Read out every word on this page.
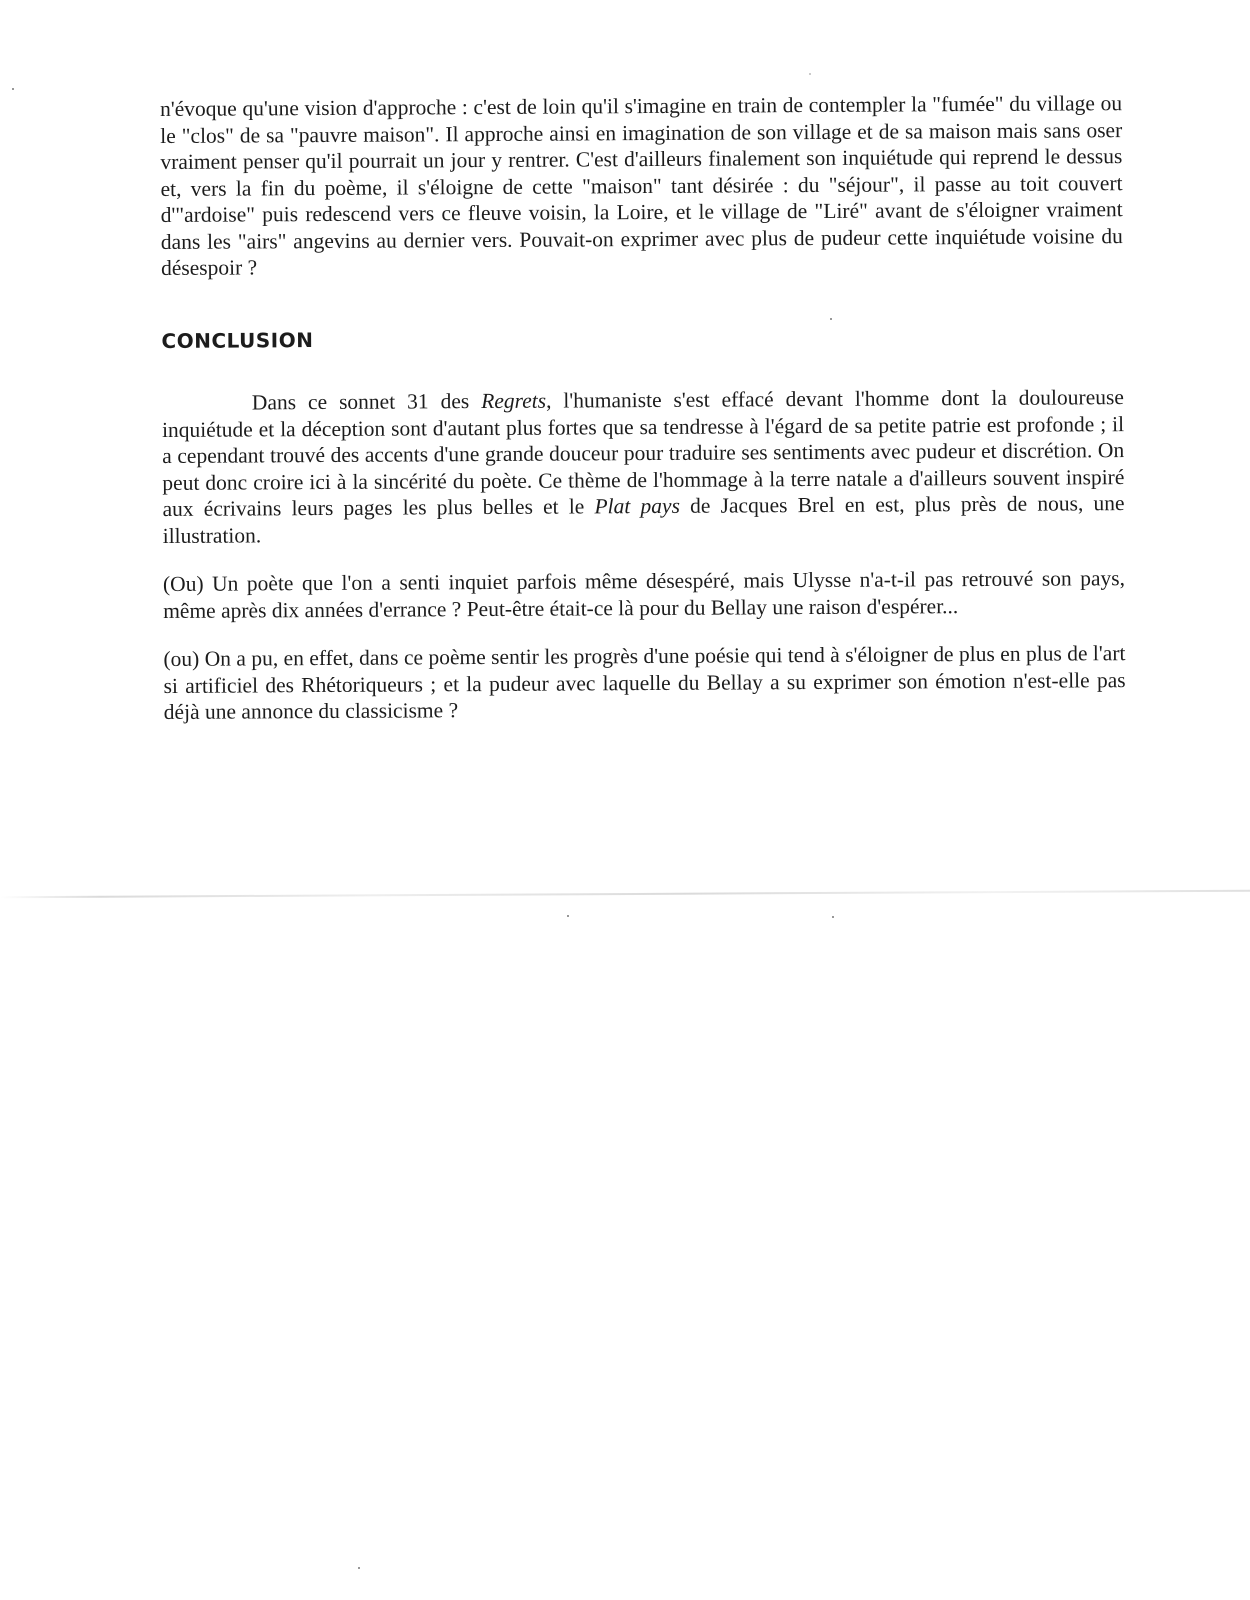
n'évoque qu'une vision d'approche : c'est de loin qu'il s'imagine en train de contempler la "fumée" du village ou le "clos" de sa "pauvre maison". Il approche ainsi en imagination de son village et de sa maison mais sans oser vraiment penser qu'il pourrait un jour y rentrer. C'est d'ailleurs finalement son inquiétude qui reprend le dessus et, vers la fin du poème, il s'éloigne de cette "maison" tant désirée : du "séjour", il passe au toit couvert d'"ardoise" puis redescend vers ce fleuve voisin, la Loire, et le village de "Liré" avant de s'éloigner vraiment dans les "airs" angevins au dernier vers. Pouvait-on exprimer avec plus de pudeur cette inquiétude voisine du désespoir ?

CONCLUSION

Dans ce sonnet 31 des Regrets, l'humaniste s'est effacé devant l'homme dont la douloureuse inquiétude et la déception sont d'autant plus fortes que sa tendresse à l'égard de sa petite patrie est profonde ; il a cependant trouvé des accents d'une grande douceur pour traduire ses sentiments avec pudeur et discrétion. On peut donc croire ici à la sincérité du poète. Ce thème de l'hommage à la terre natale a d'ailleurs souvent inspiré aux écrivains leurs pages les plus belles et le Plat pays de Jacques Brel en est, plus près de nous, une illustration.

(Ou) Un poète que l'on a senti inquiet parfois même désespéré, mais Ulysse n'a-t-il pas retrouvé son pays, même après dix années d'errance ? Peut-être était-ce là pour du Bellay une raison d'espérer...

(ou) On a pu, en effet, dans ce poème sentir les progrès d'une poésie qui tend à s'éloigner de plus en plus de l'art si artificiel des Rhétoriqueurs ; et la pudeur avec laquelle du Bellay a su exprimer son émotion n'est-elle pas déjà une annonce du classicisme ?
